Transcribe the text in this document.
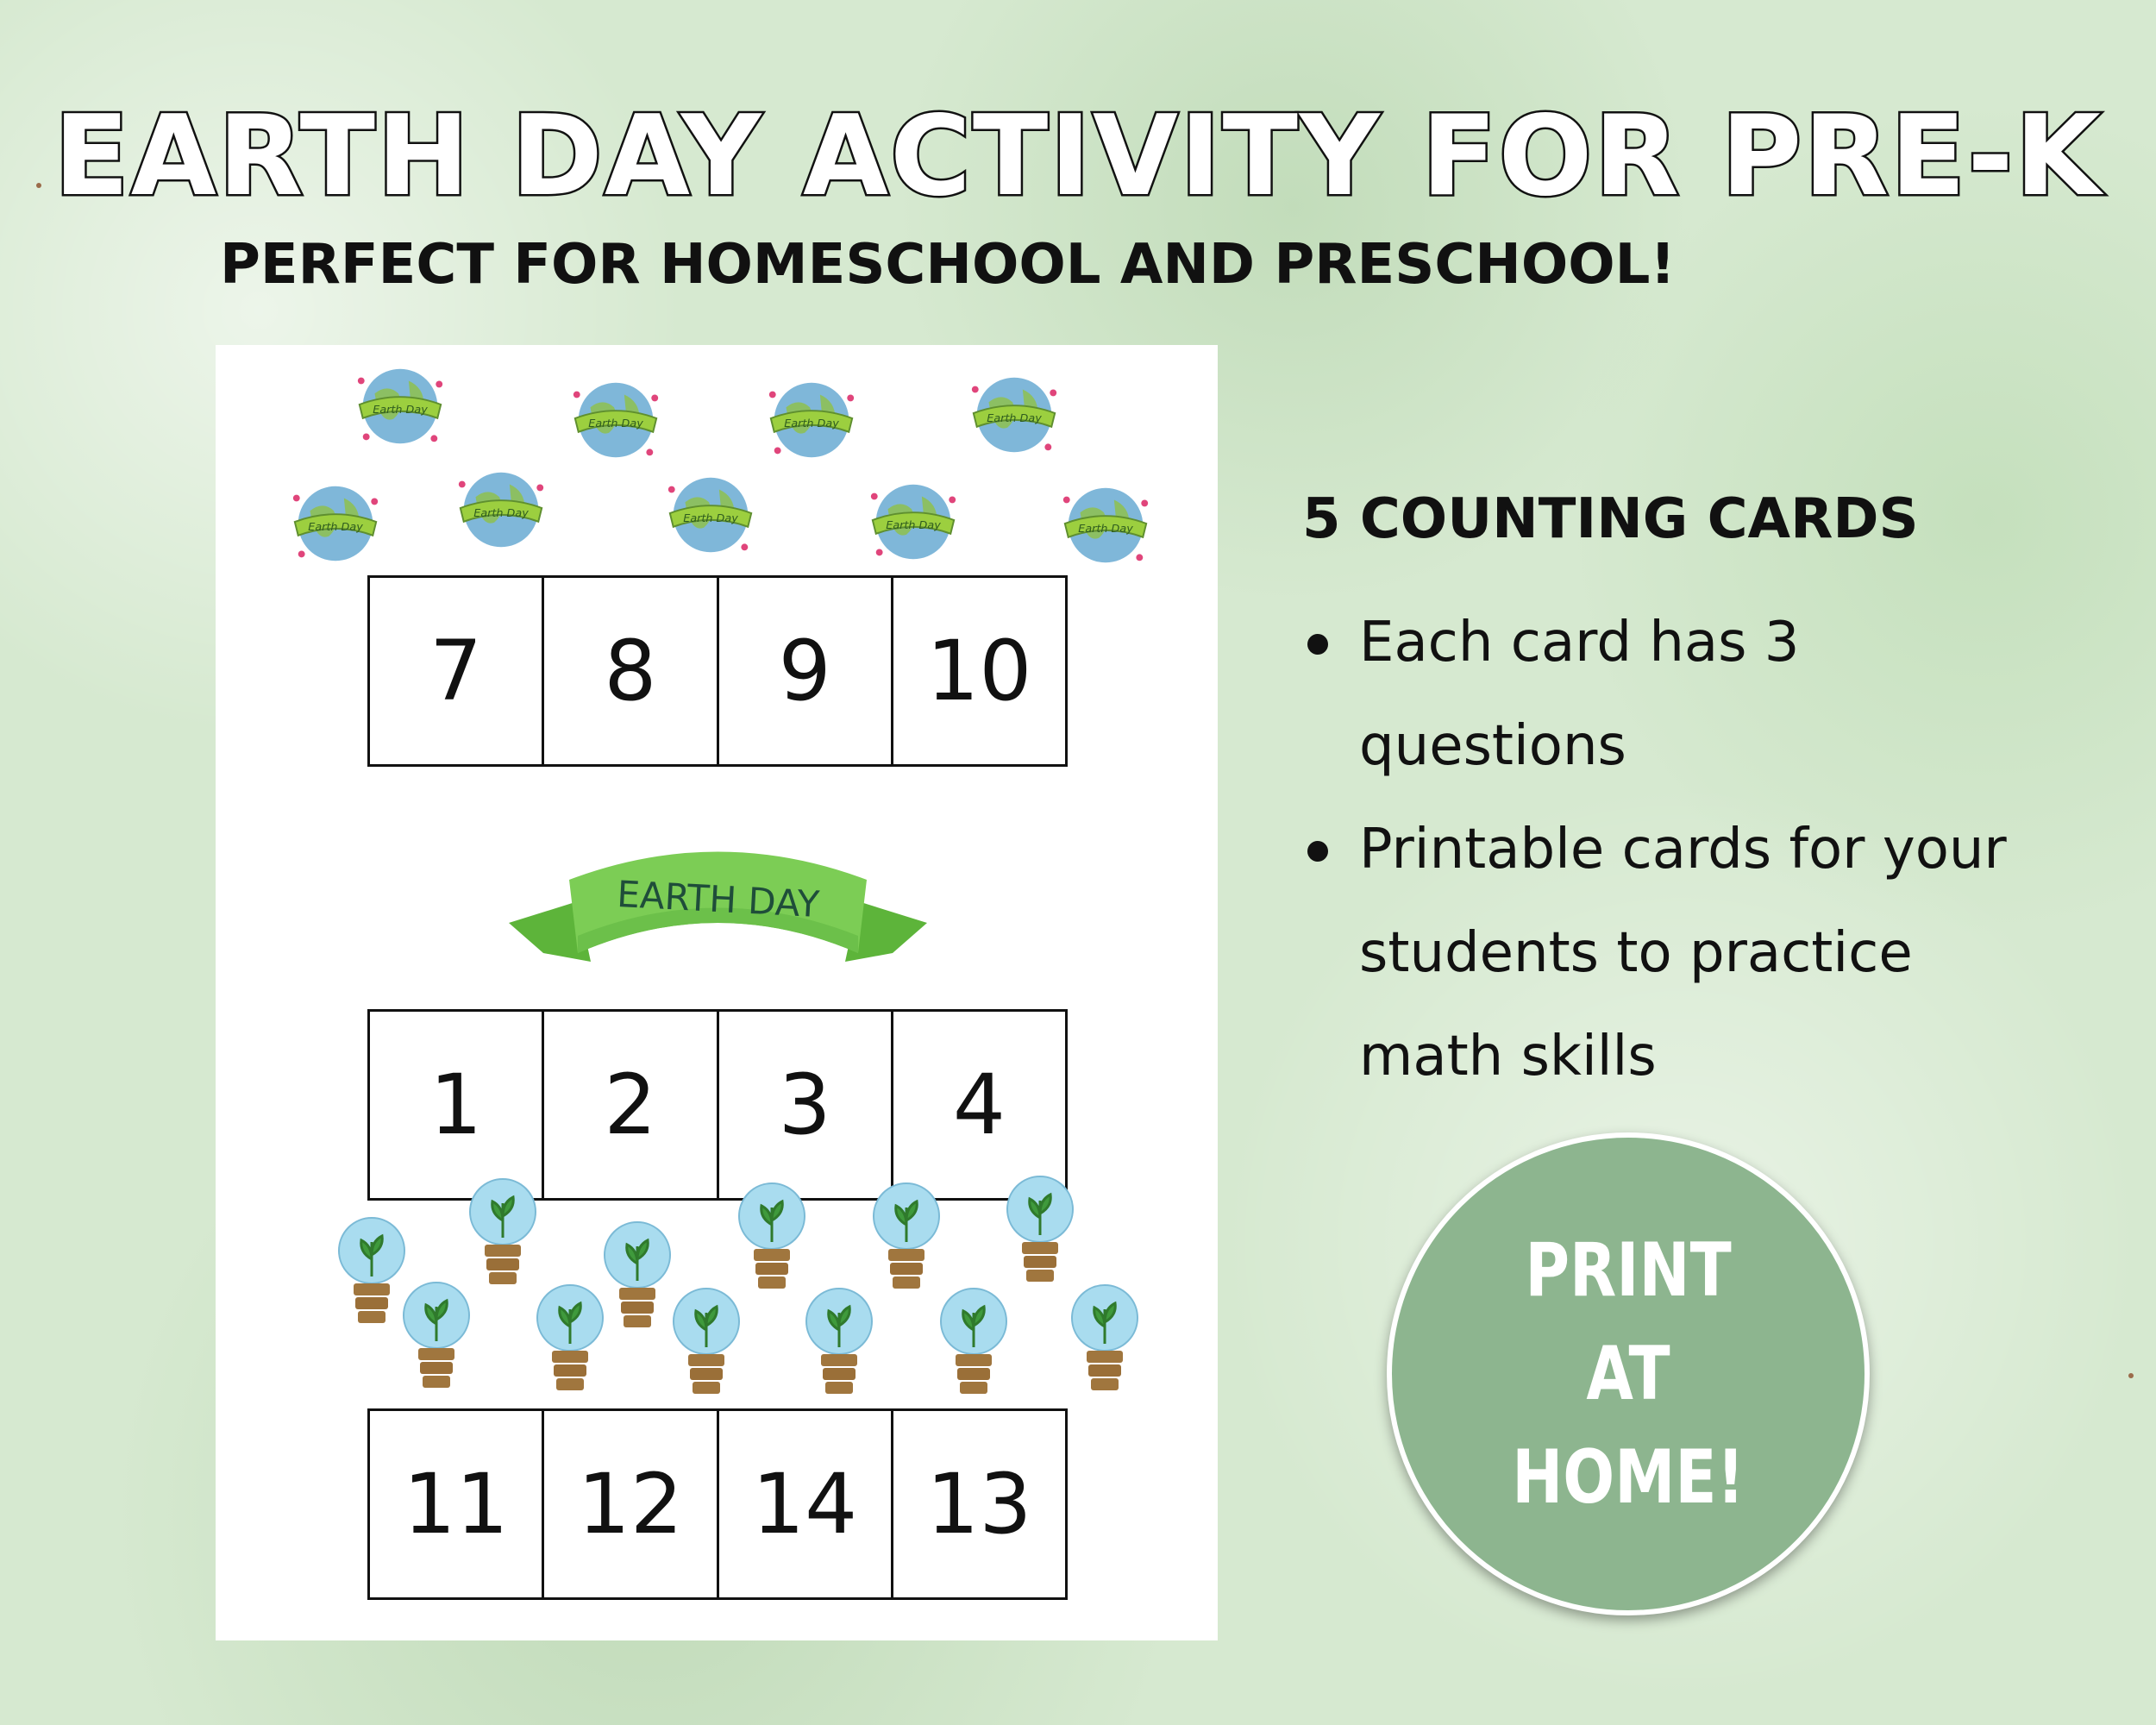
EARTH DAY ACTIVITY FOR PRE-K

PERFECT FOR HOMESCHOOL AND PRESCHOOL!

Earth Day
Earth Day	Earth Day	Earth Day
Earth Day
Earth Day	Earth Day
Earth Day	Earth Day
7	8	9	10
EARTH DAY
1	2	3	4
11 12 14 13
5 COUNTING CARDS
Each card has 3 questions
Printable cards for your students to practice math skills
PRINT AT HOME!
